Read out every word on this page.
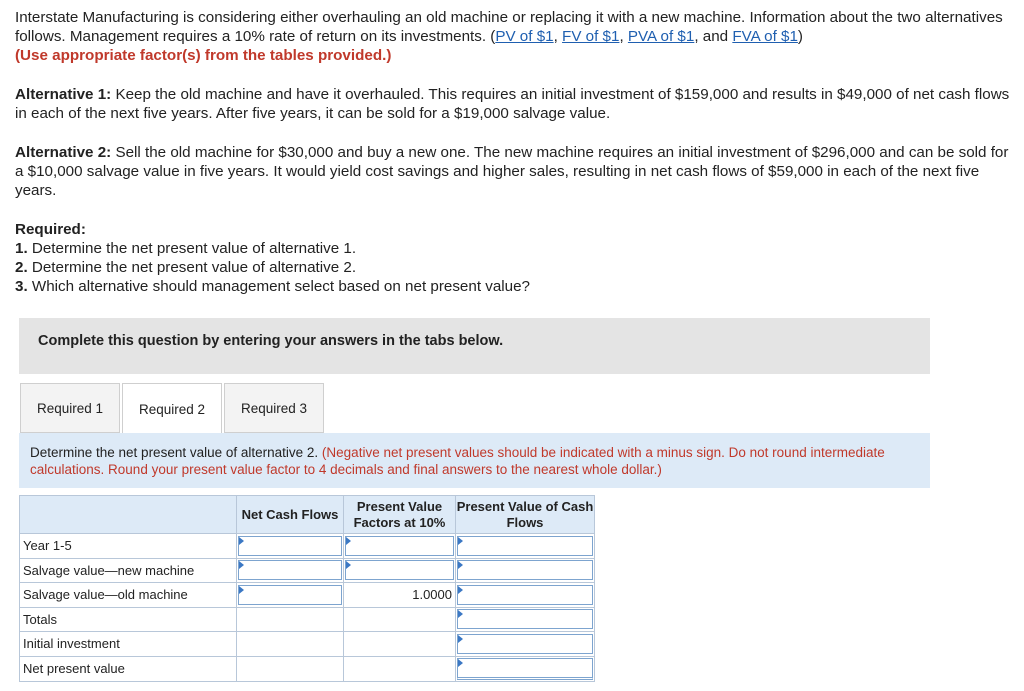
Interstate Manufacturing is considering either overhauling an old machine or replacing it with a new machine. Information about the two alternatives follows. Management requires a 10% rate of return on its investments. (PV of $1, FV of $1, PVA of $1, and FVA of $1)
(Use appropriate factor(s) from the tables provided.)

Alternative 1: Keep the old machine and have it overhauled. This requires an initial investment of $159,000 and results in $49,000 of net cash flows in each of the next five years. After five years, it can be sold for a $19,000 salvage value.

Alternative 2: Sell the old machine for $30,000 and buy a new one. The new machine requires an initial investment of $296,000 and can be sold for a $10,000 salvage value in five years. It would yield cost savings and higher sales, resulting in net cash flows of $59,000 in each of the next five years.

Required:

1. Determine the net present value of alternative 1.
2. Determine the net present value of alternative 2.
3. Which alternative should management select based on net present value?
Complete this question by entering your answers in the tabs below.
Required 1	Required 2	Required 3
Determine the net present value of alternative 2. (Negative net present values should be indicated with a minus sign. Do not round intermediate calculations. Round your present value factor to 4 decimals and final answers to the nearest whole dollar.)
	Net Cash Flows	Present Value Factors at 10%	Present Value of Cash Flows
Year 1-5	

Salvage value—new machine	

Salvage value—old machine		1.0000	

Totals			

Initial investment			

Net present value			
